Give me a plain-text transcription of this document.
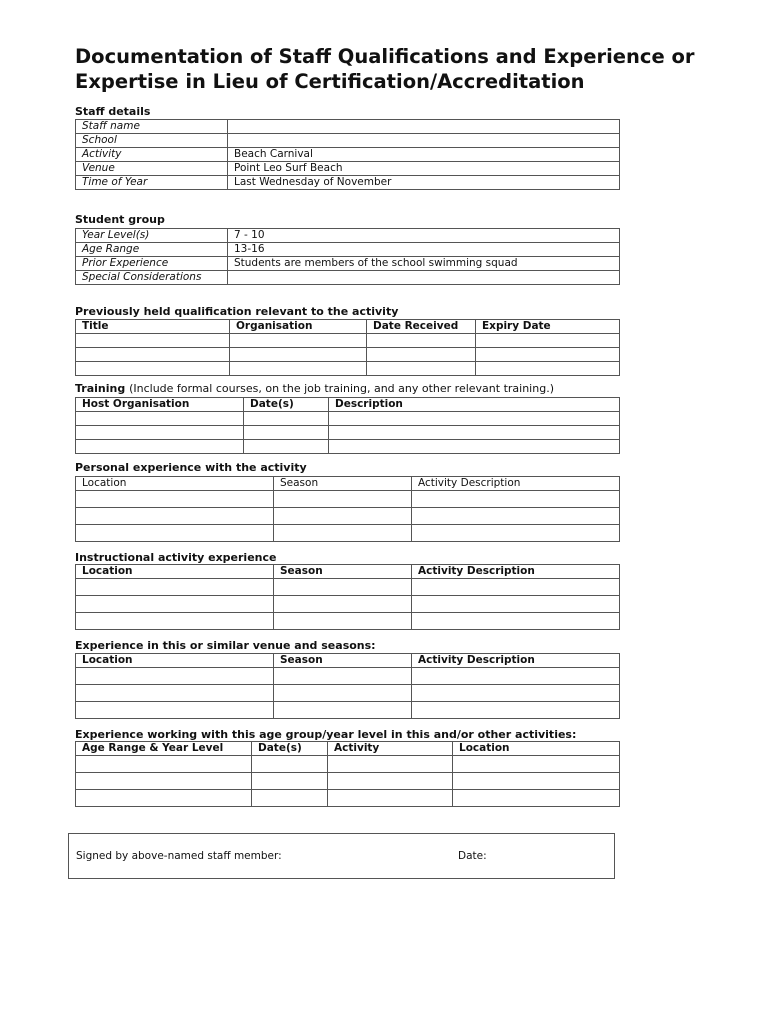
Documentation of Staff Qualifications and Experience or Expertise in Lieu of Certification/Accreditation
Staff details
Staff name	
School	
Activity	Beach Carnival
Venue	Point Leo Surf Beach
Time of Year	Last Wednesday of November
Student group
Year Level(s)	7 - 10
Age Range	13-16
Prior Experience	Students are members of the school swimming squad
Special Considerations	
Previously held qualification relevant to the activity
Title	Organisation	Date Received	Expiry Date

Training (Include formal courses, on the job training, and any other relevant training.)
Host Organisation	Date(s)	Description

Personal experience with the activity
Location	Season	Activity Description

Instructional activity experience
Location	Season	Activity Description

Experience in this or similar venue and seasons:
Location	Season	Activity Description

Experience working with this age group/year level in this and/or other activities:
Age Range & Year Level	Date(s)	Activity	Location

Signed by above-named staff member:	Date:
